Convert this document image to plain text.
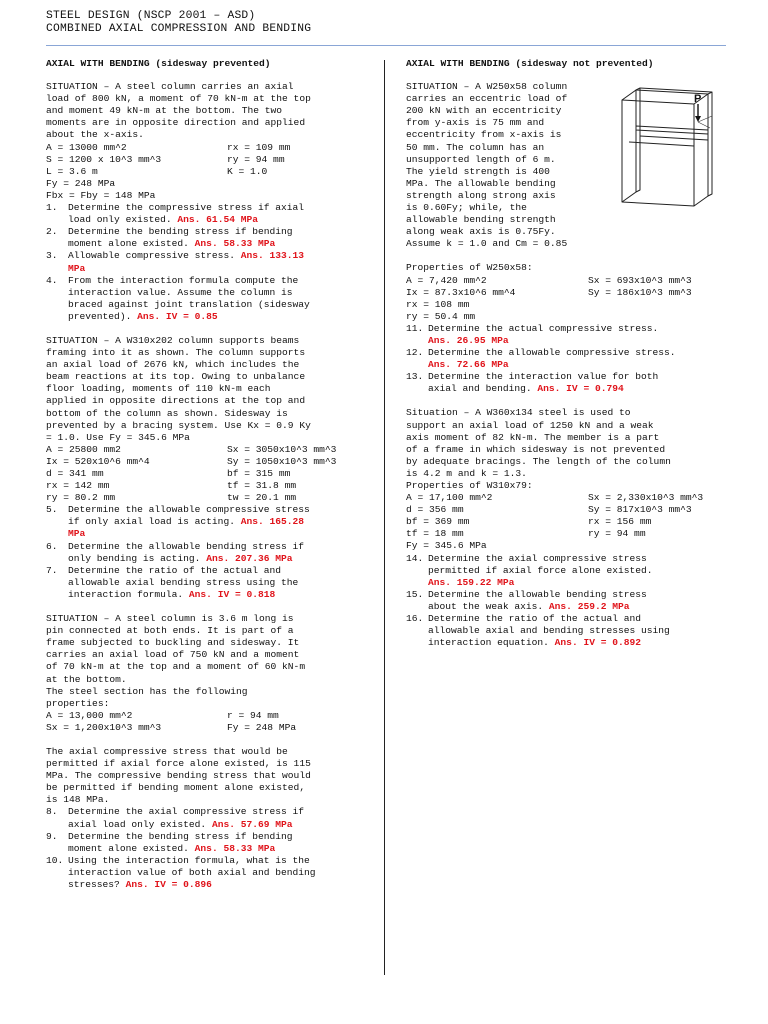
STEEL DESIGN (NSCP 2001 – ASD)
COMBINED AXIAL COMPRESSION AND BENDING
AXIAL WITH BENDING (sidesway prevented)

SITUATION – A steel column carries an axial
load of 800 kN, a moment of 70 kN-m at the top
and moment 49 kN-m at the bottom. The two
moments are in opposite direction and applied
about the x-axis.

A = 13000 mm^2	rx = 109 mm
S = 1200 x 10^3 mm^3	ry = 94 mm
L = 3.6 m	K = 1.0

Fy = 248 MPa

Fbx = Fby = 148 MPa

1.	Determine the compressive stress if axial
load only existed. Ans. 61.54 MPa
2.	Determine the bending stress if bending
moment alone existed. Ans. 58.33 MPa
3.	Allowable compressive stress. Ans. 133.13
MPa
4.	From the interaction formula compute the
interaction value. Assume the column is
braced against joint translation (sidesway
prevented). Ans. IV = 0.85

SITUATION – A W310x202 column supports beams
framing into it as shown. The column supports
an axial load of 2676 kN, which includes the
beam reactions at its top. Owing to unbalance
floor loading, moments of 110 kN-m each
applied in opposite directions at the top and
bottom of the column as shown. Sidesway is
prevented by a bracing system. Use Kx = 0.9 Ky
= 1.0. Use Fy = 345.6 MPa

A = 25800 mm2	Sx = 3050x10^3 mm^3
Ix = 520x10^6 mm^4	Sy = 1050x10^3 mm^3
d = 341 mm	bf = 315 mm
rx = 142 mm	tf = 31.8 mm
ry = 80.2 mm	tw = 20.1 mm
5.	Determine the allowable compressive stress
if only axial load is acting. Ans. 165.28
MPa
6.	Determine the allowable bending stress if
only bending is acting. Ans. 207.36 MPa
7.	Determine the ratio of the actual and
allowable axial bending stress using the
interaction formula. Ans. IV = 0.818

SITUATION – A steel column is 3.6 m long is
pin connected at both ends. It is part of a
frame subjected to buckling and sidesway. It
carries an axial load of 750 kN and a moment
of 70 kN-m at the top and a moment of 60 kN-m
at the bottom.
The steel section has the following
properties:

A = 13,000 mm^2	r = 94 mm
Sx = 1,200x10^3 mm^3	Fy = 248 MPa

The axial compressive stress that would be
permitted if axial force alone existed, is 115
MPa. The compressive bending stress that would
be permitted if bending moment alone existed,
is 148 MPa.

8.	Determine the axial compressive stress if
axial load only existed. Ans. 57.69 MPa
9.	Determine the bending stress if bending
moment alone existed. Ans. 58.33 MPa
10. Using the interaction formula, what is the
interaction value of both axial and bending
stresses? Ans. IV = 0.896
AXIAL WITH BENDING (sidesway not prevented)

SITUATION – A W250x58 column
carries an eccentric load of
200 kN with an eccentricity
from y-axis is 75 mm and
eccentricity from x-axis is
50 mm. The column has an
unsupported length of 6 m.
The yield strength is 400
MPa. The allowable bending
strength along strong axis
is 0.60Fy; while, the
allowable bending strength
along weak axis is 0.75Fy.
Assume k = 1.0 and Cm = 0.85

Properties of W250x58:

A = 7,420 mm^2	Sx = 693x10^3 mm^3
Ix = 87.3x10^6 mm^4	Sy = 186x10^3 mm^3

rx = 108 mm

ry = 50.4 mm

11. Determine the actual compressive stress.
Ans. 26.95 MPa
12. Determine the allowable compressive stress.
Ans. 72.66 MPa
13. Determine the interaction value for both
axial and bending. Ans. IV = 0.794

Situation – A W360x134 steel is used to
support an axial load of 1250 kN and a weak
axis moment of 82 kN-m. The member is a part
of a frame in which sidesway is not prevented
by adequate bracings. The length of the column
is 4.2 m and k = 1.3.
Properties of W310x79:

A = 17,100 mm^2	Sx = 2,330x10^3 mm^3
d = 356 mm	Sy = 817x10^3 mm^3
bf = 369 mm	rx = 156 mm
tf = 18 mm	ry = 94 mm

Fy = 345.6 MPa

14. Determine the axial compressive stress
permitted if axial force alone existed.
Ans. 159.22 MPa
15. Determine the allowable bending stress
about the weak axis. Ans. 259.2 MPa
16. Determine the ratio of the actual and
allowable axial and bending stresses using
interaction equation. Ans. IV = 0.892
P
